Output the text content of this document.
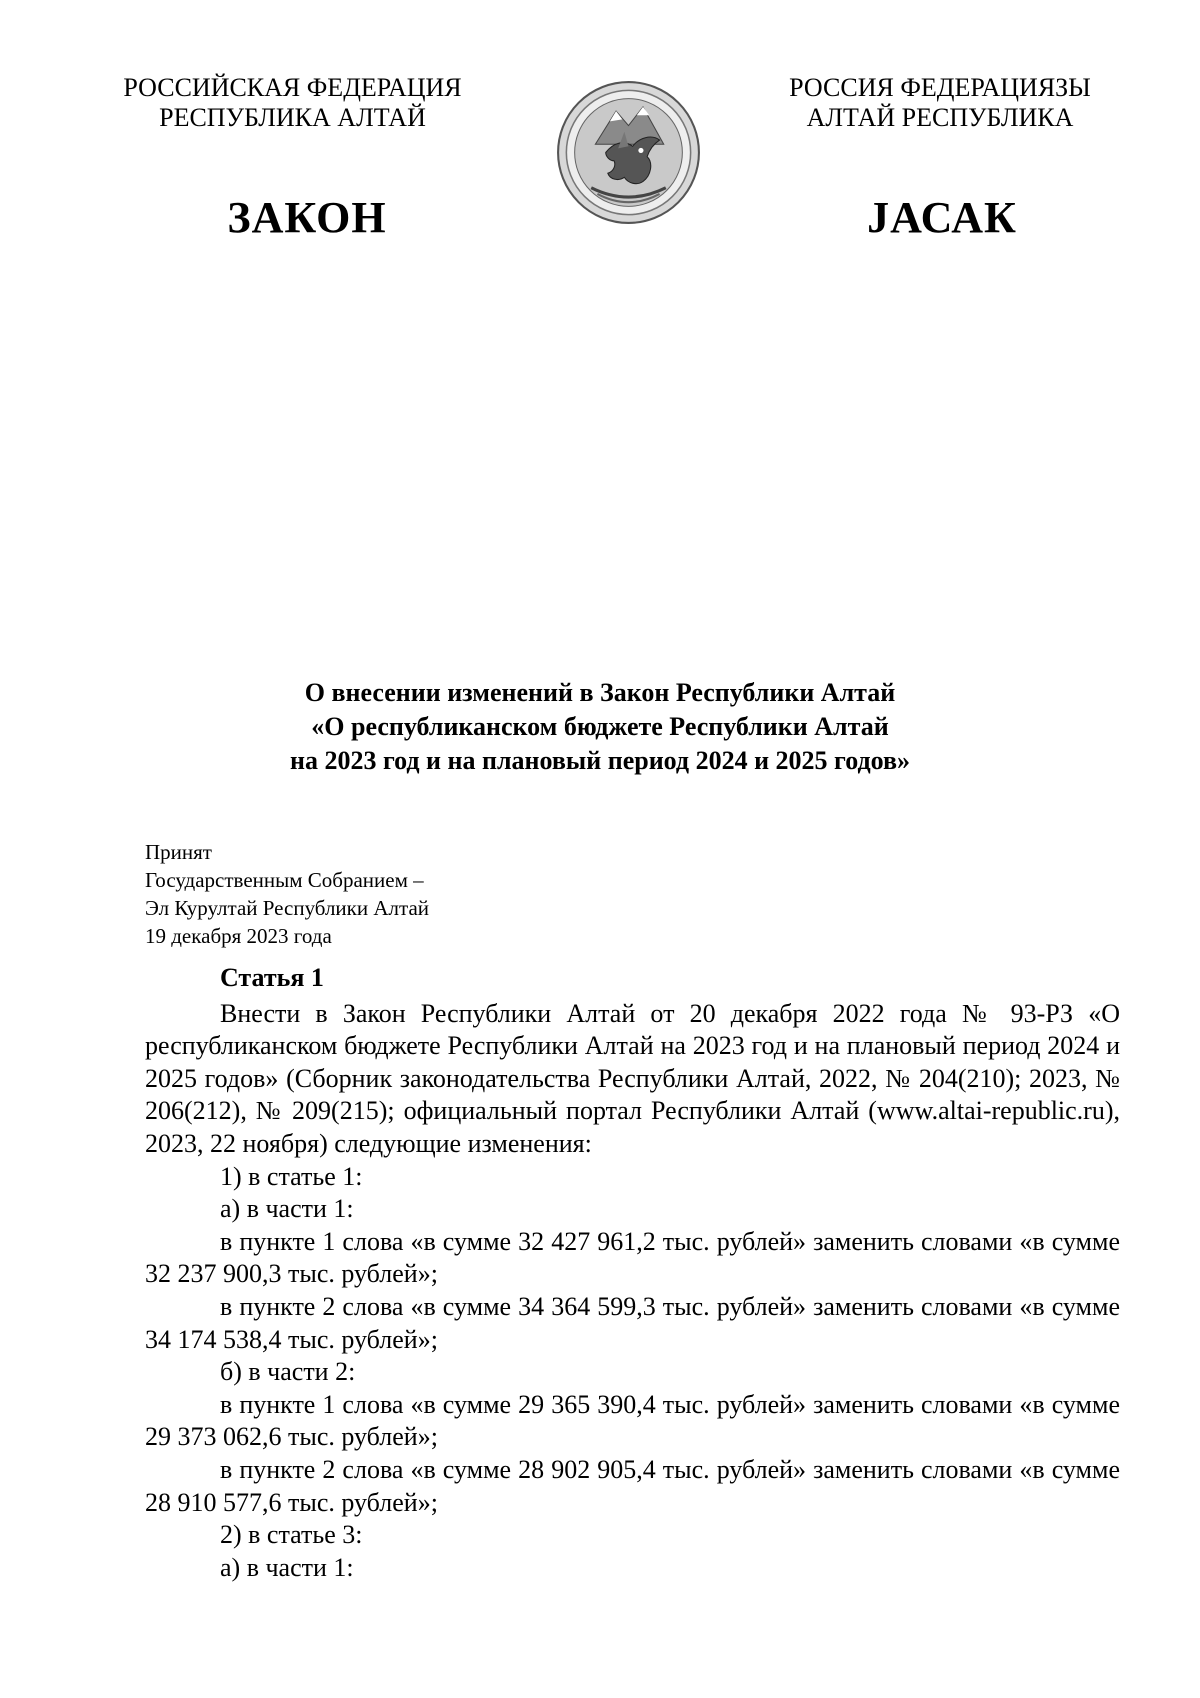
РОССИЙСКАЯ ФЕДЕРАЦИЯ
РЕСПУБЛИКА АЛТАЙ
РОССИЯ ФЕДЕРАЦИЯЗЫ
АЛТАЙ РЕСПУБЛИКА
ЗАКОН	JАСАК
О внесении изменений в Закон Республики Алтай
«О республиканском бюджете Республики Алтай
на 2023 год и на плановый период 2024 и 2025 годов»
Принят
Государственным Собранием –
Эл Курултай Республики Алтай
19 декабря 2023 года

Статья 1

Внести в Закон Республики Алтай от 20 декабря 2022 года № 93-РЗ «О республиканском бюджете Республики Алтай на 2023 год и на плановый период 2024 и 2025 годов» (Сборник законодательства Республики Алтай, 2022, № 204(210); 2023, № 206(212), № 209(215); официальный портал Республики Алтай (www.altai-republic.ru), 2023, 22 ноября) следующие изменения:

1) в статье 1:

а) в части 1:

в пункте 1 слова «в сумме 32 427 961,2 тыс. рублей» заменить словами «в сумме 32 237 900,3 тыс. рублей»;

в пункте 2 слова «в сумме 34 364 599,3 тыс. рублей» заменить словами «в сумме 34 174 538,4 тыс. рублей»;

б) в части 2:

в пункте 1 слова «в сумме 29 365 390,4 тыс. рублей» заменить словами «в сумме 29 373 062,6 тыс. рублей»;

в пункте 2 слова «в сумме 28 902 905,4 тыс. рублей» заменить словами «в сумме 28 910 577,6 тыс. рублей»;

2) в статье 3:

а) в части 1:
